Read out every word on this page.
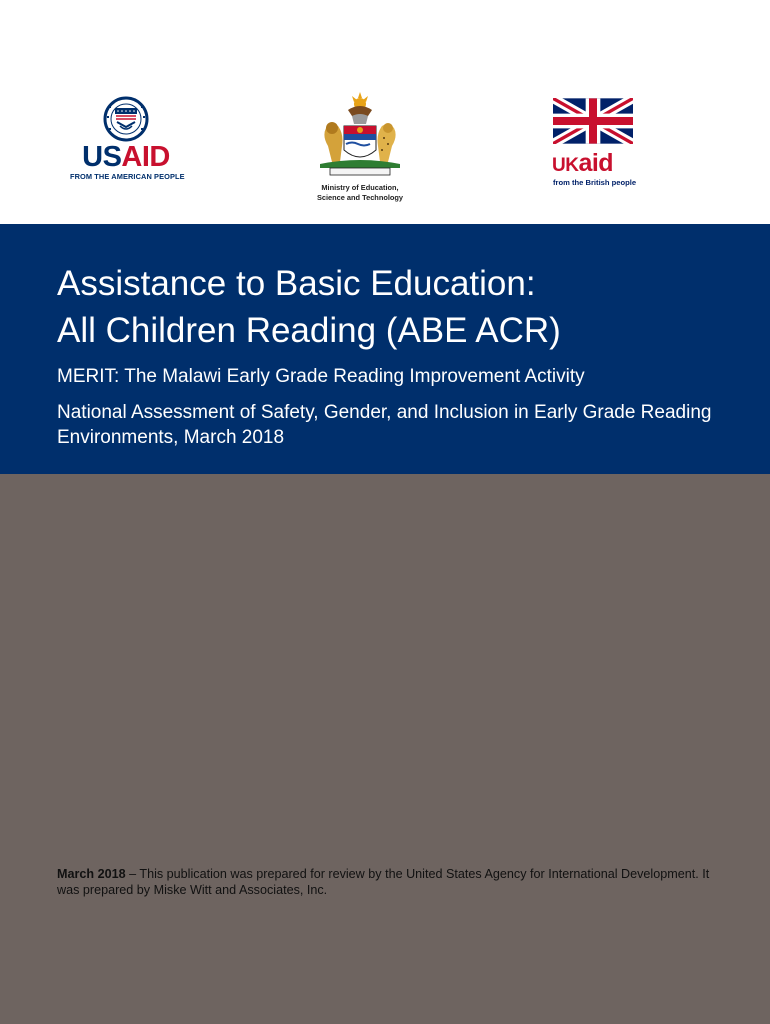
USAID
FROM THE AMERICAN PEOPLE
Ministry of Education,
Science and Technology
UKaid
from the British people
Assistance to Basic Education:
All Children Reading (ABE ACR)

MERIT: The Malawi Early Grade Reading Improvement Activity

National Assessment of Safety, Gender, and Inclusion in Early Grade Reading Environments, March 2018

March 2018 – This publication was prepared for review by the United States Agency for International Development. It was prepared by Miske Witt and Associates, Inc.
